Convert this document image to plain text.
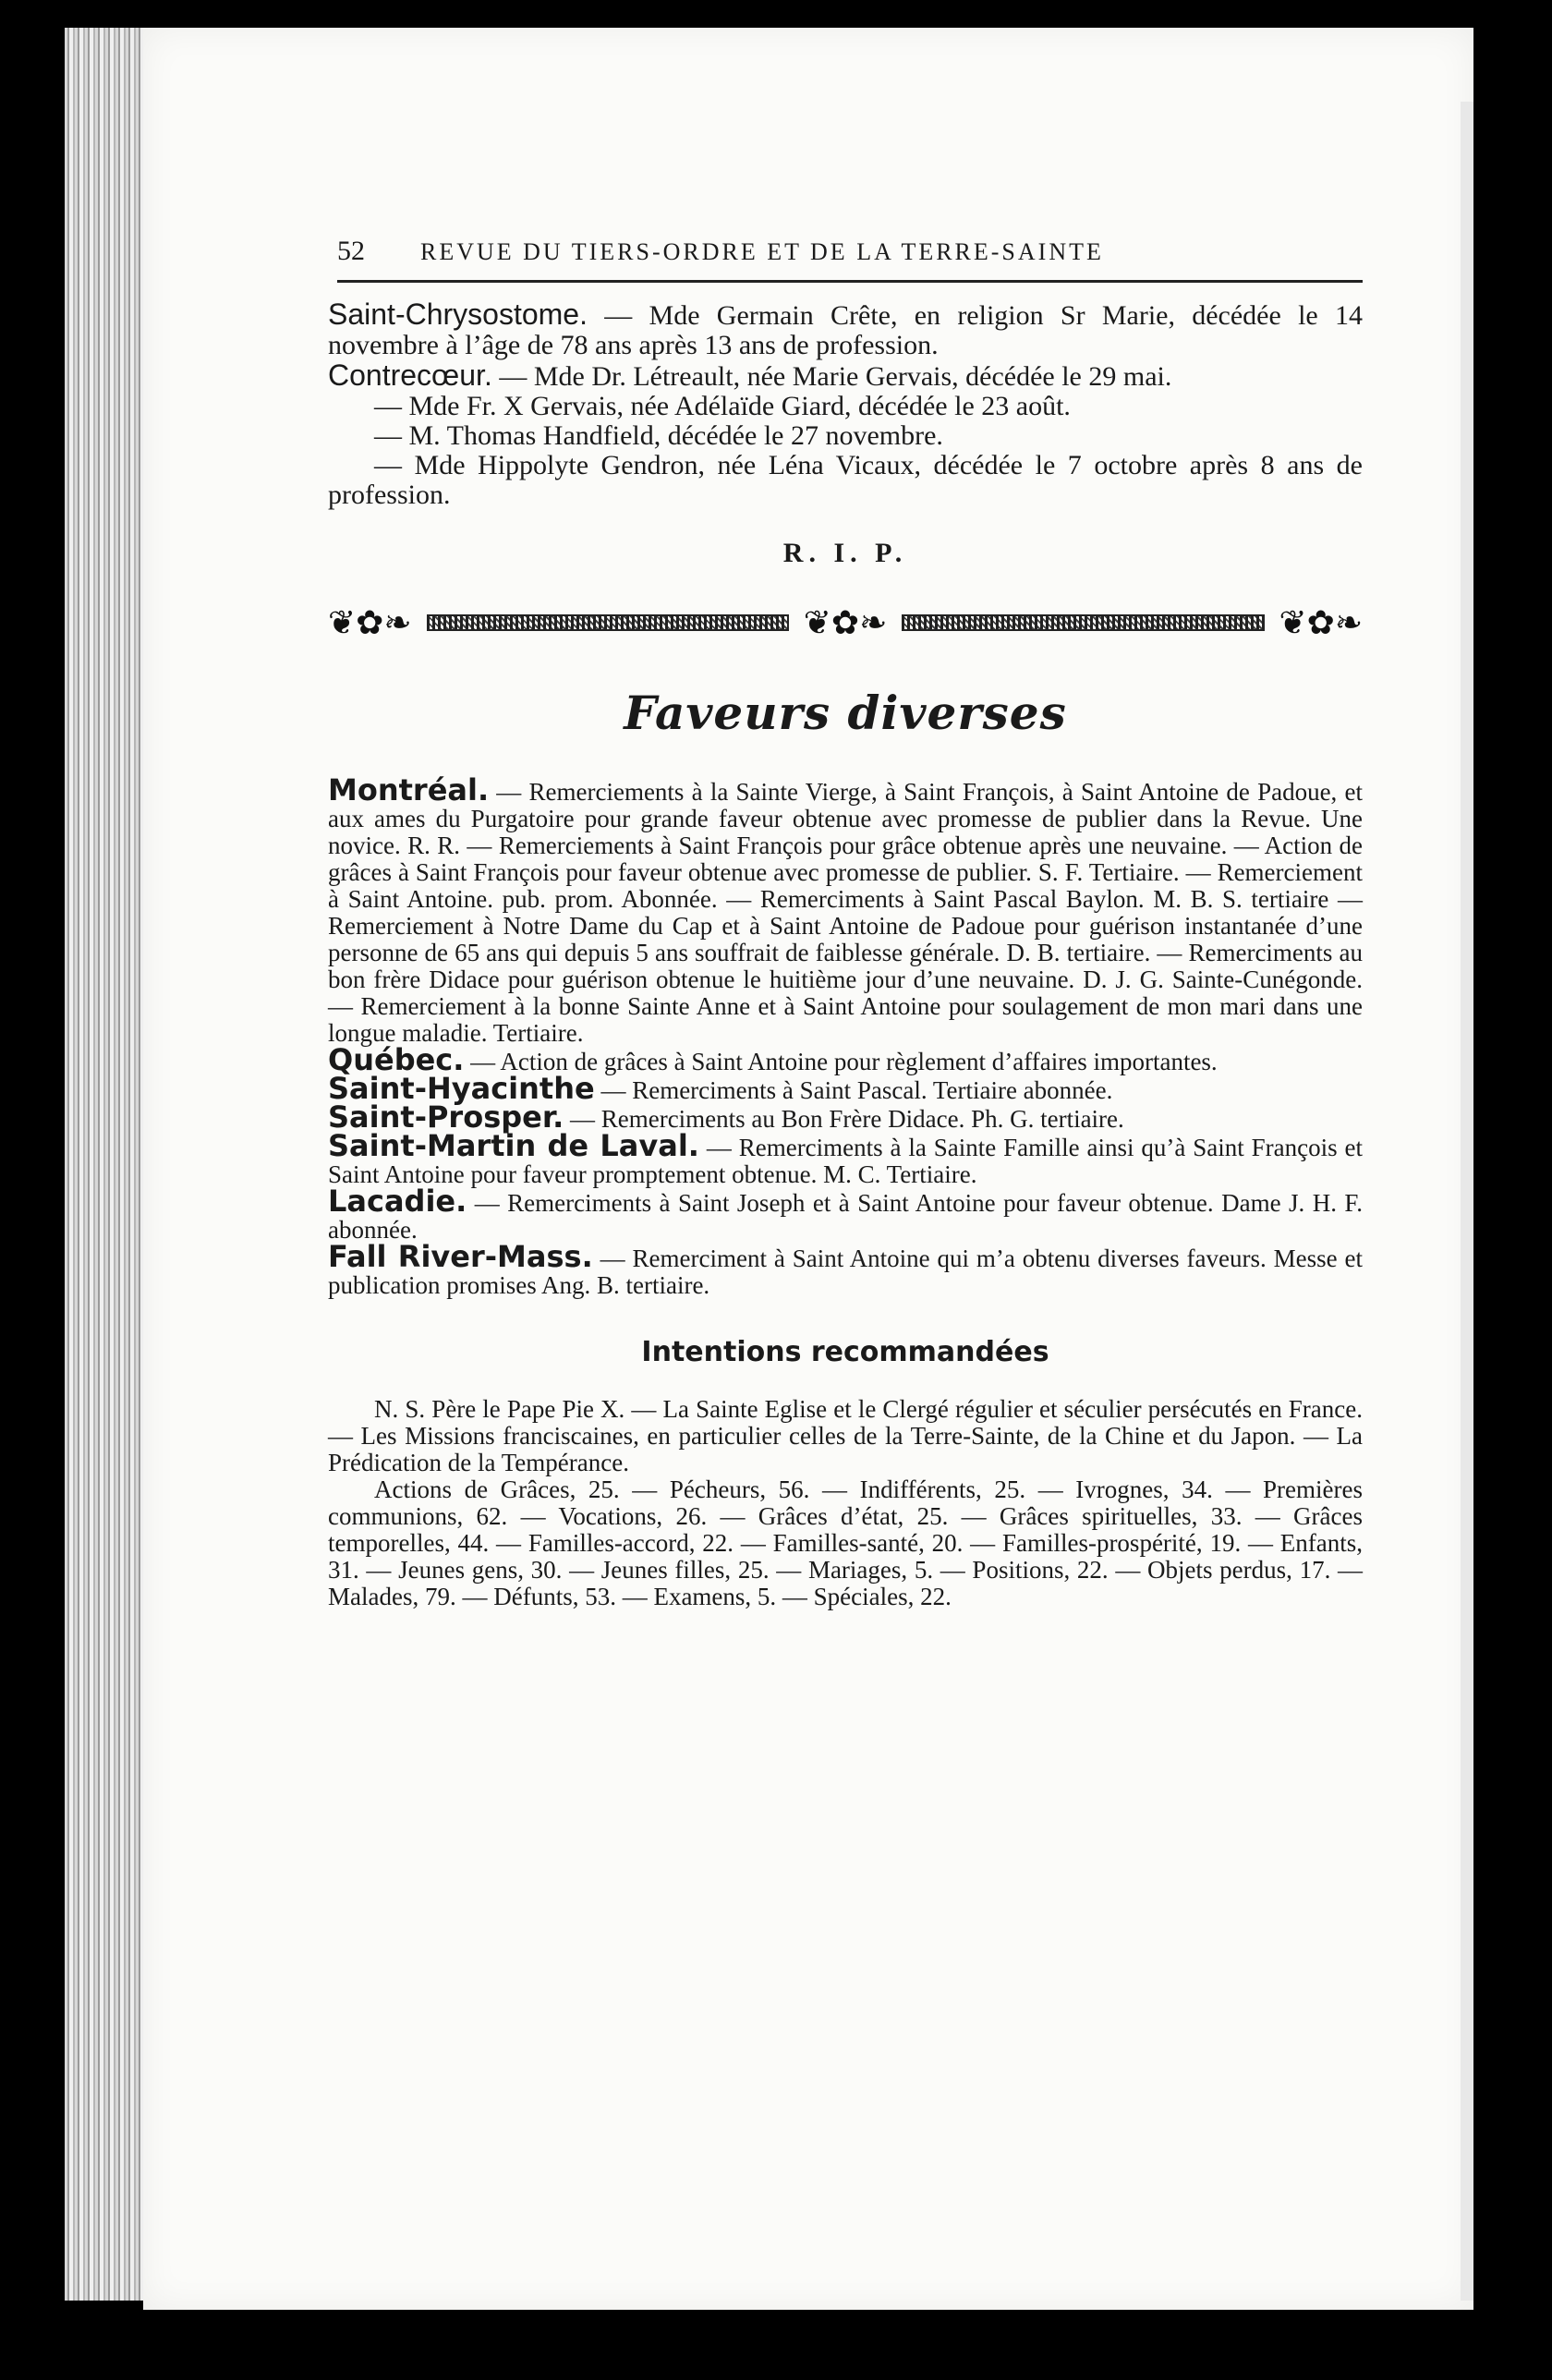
52 REVUE DU TIERS-ORDRE ET DE LA TERRE-SAINTE

Saint-Chrysostome. — Mde Germain Crête, en religion Sr Marie, décédée le 14 novembre à l’âge de 78 ans après 13 ans de profession.

Contrecœur. — Mde Dr. Létreault, née Marie Gervais, décédée le 29 mai.

— Mde Fr. X Gervais, née Adélaïde Giard, décédée le 23 août.

— M. Thomas Handfield, décédée le 27 novembre.

— Mde Hippolyte Gendron, née Léna Vicaux, décédée le 7 octobre après 8 ans de profession.

R. I. P.
❦✿❧	❦✿❧	❦✿❧
Faveurs diverses

Montréal. — Remerciements à la Sainte Vierge, à Saint François, à Saint Antoine de Padoue, et aux ames du Purgatoire pour grande faveur obtenue avec promesse de publier dans la Revue. Une novice. R. R. — Remerciements à Saint François pour grâce obtenue après une neuvaine. — Action de grâces à Saint François pour faveur obtenue avec promesse de publier. S. F. Tertiaire. — Remerciement à Saint Antoine. pub. prom. Abonnée. — Remerciments à Saint Pascal Baylon. M. B. S. tertiaire — Remerciement à Notre Dame du Cap et à Saint Antoine de Padoue pour guérison instantanée d’une personne de 65 ans qui depuis 5 ans souffrait de faiblesse générale. D. B. tertiaire. — Remerciments au bon frère Didace pour guérison obtenue le huitième jour d’une neuvaine. D. J. G. Sainte-Cunégonde. — Remerciement à la bonne Sainte Anne et à Saint Antoine pour soulagement de mon mari dans une longue maladie. Tertiaire.

Québec. — Action de grâces à Saint Antoine pour règlement d’affaires importantes.

Saint-Hyacinthe — Remerciments à Saint Pascal. Tertiaire abonnée.

Saint-Prosper. — Remerciments au Bon Frère Didace. Ph. G. tertiaire.

Saint-Martin de Laval. — Remerciments à la Sainte Famille ainsi qu’à Saint François et Saint Antoine pour faveur promptement obtenue. M. C. Tertiaire.

Lacadie. — Remerciments à Saint Joseph et à Saint Antoine pour faveur obtenue. Dame J. H. F. abonnée.

Fall River-Mass. — Remerciment à Saint Antoine qui m’a obtenu diverses faveurs. Messe et publication promises Ang. B. tertiaire.

Intentions recommandées

N. S. Père le Pape Pie X. — La Sainte Eglise et le Clergé régulier et séculier persécutés en France. — Les Missions franciscaines, en particulier celles de la Terre-Sainte, de la Chine et du Japon. — La Prédication de la Tempérance.

Actions de Grâces, 25. — Pécheurs, 56. — Indifférents, 25. — Ivrognes, 34. — Premières communions, 62. — Vocations, 26. — Grâces d’état, 25. — Grâces spirituelles, 33. — Grâces temporelles, 44. — Familles-accord, 22. — Familles-santé, 20. — Familles-prospérité, 19. — Enfants, 31. — Jeunes gens, 30. — Jeunes filles, 25. — Mariages, 5. — Positions, 22. — Objets perdus, 17. — Malades, 79. — Défunts, 53. — Examens, 5. — Spéciales, 22.
